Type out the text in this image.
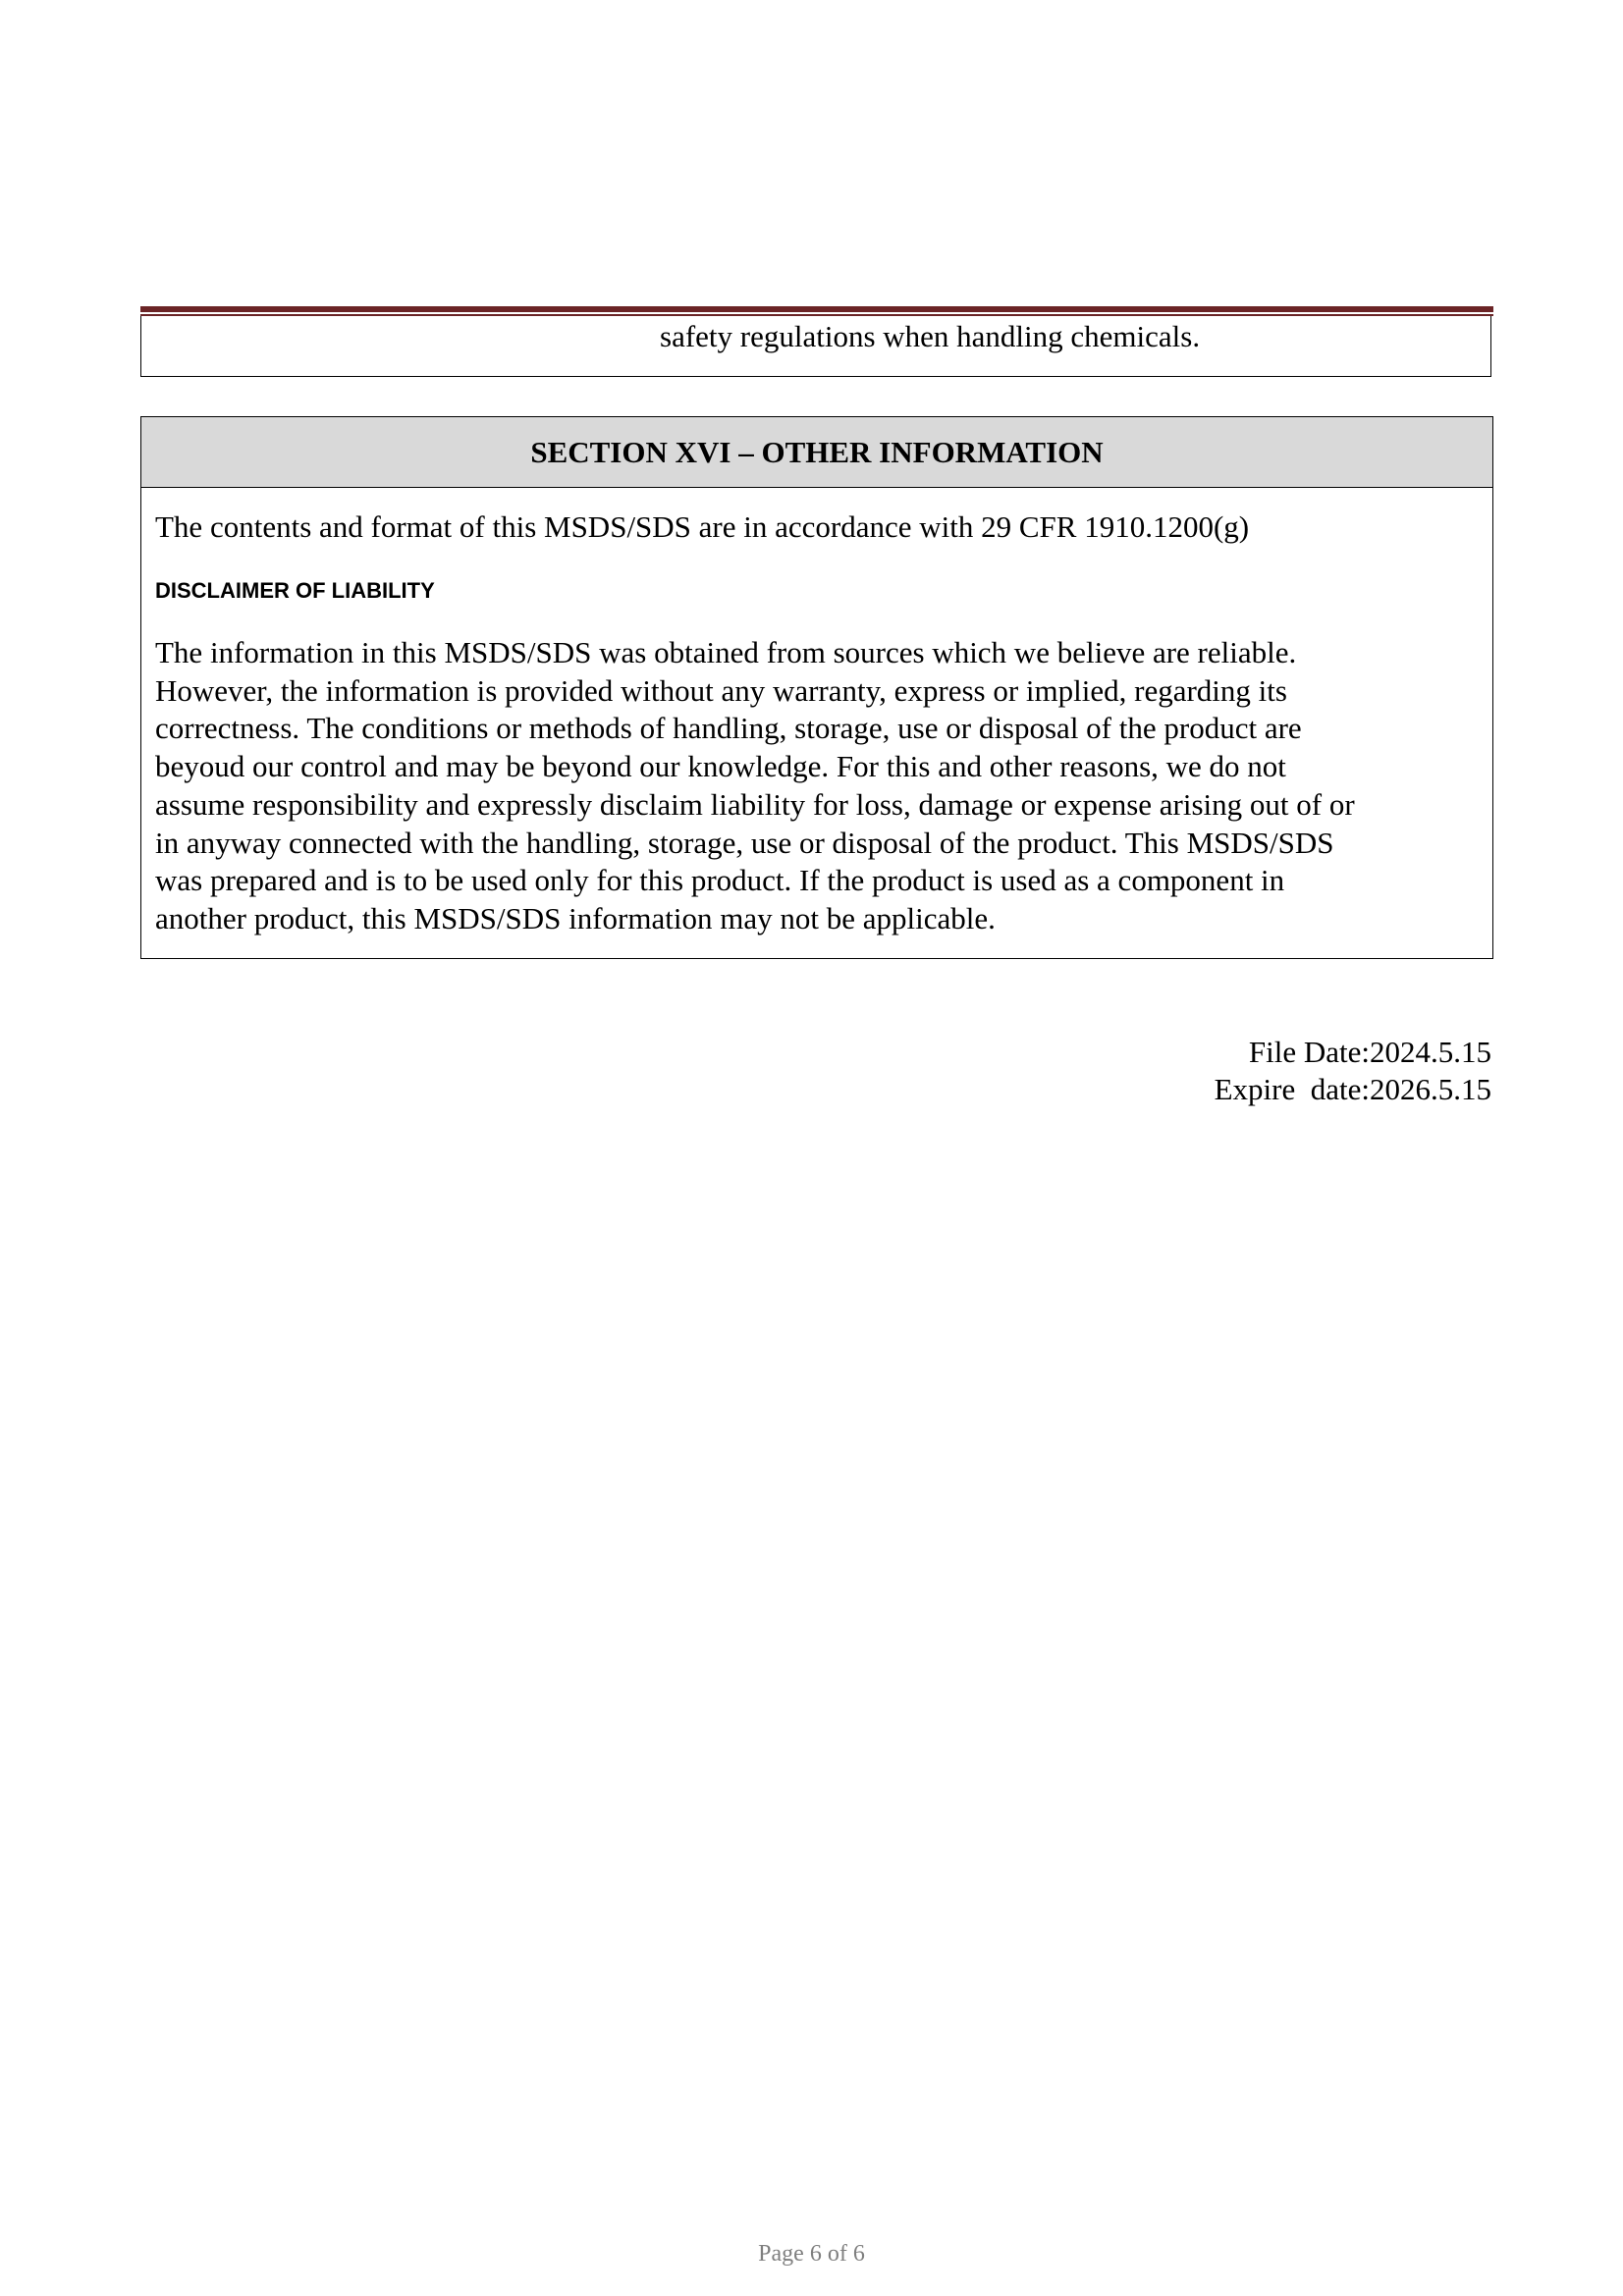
safety regulations when handling chemicals.
SECTION XVI – OTHER INFORMATION
The contents and format of this MSDS/SDS are in accordance with 29 CFR 1910.1200(g)
DISCLAIMER OF LIABILITY
The information in this MSDS/SDS was obtained from sources which we believe are reliable.
However, the information is provided without any warranty, express or implied, regarding its
correctness. The conditions or methods of handling, storage, use or disposal of the product are
beyoud our control and may be beyond our knowledge. For this and other reasons, we do not
assume responsibility and expressly disclaim liability for loss, damage or expense arising out of or
in anyway connected with the handling, storage, use or disposal of the product. This MSDS/SDS
was prepared and is to be used only for this product. If the product is used as a component in
another product, this MSDS/SDS information may not be applicable.
File Date:2024.5.15
Expire  date:2026.5.15
Page 6 of 6
